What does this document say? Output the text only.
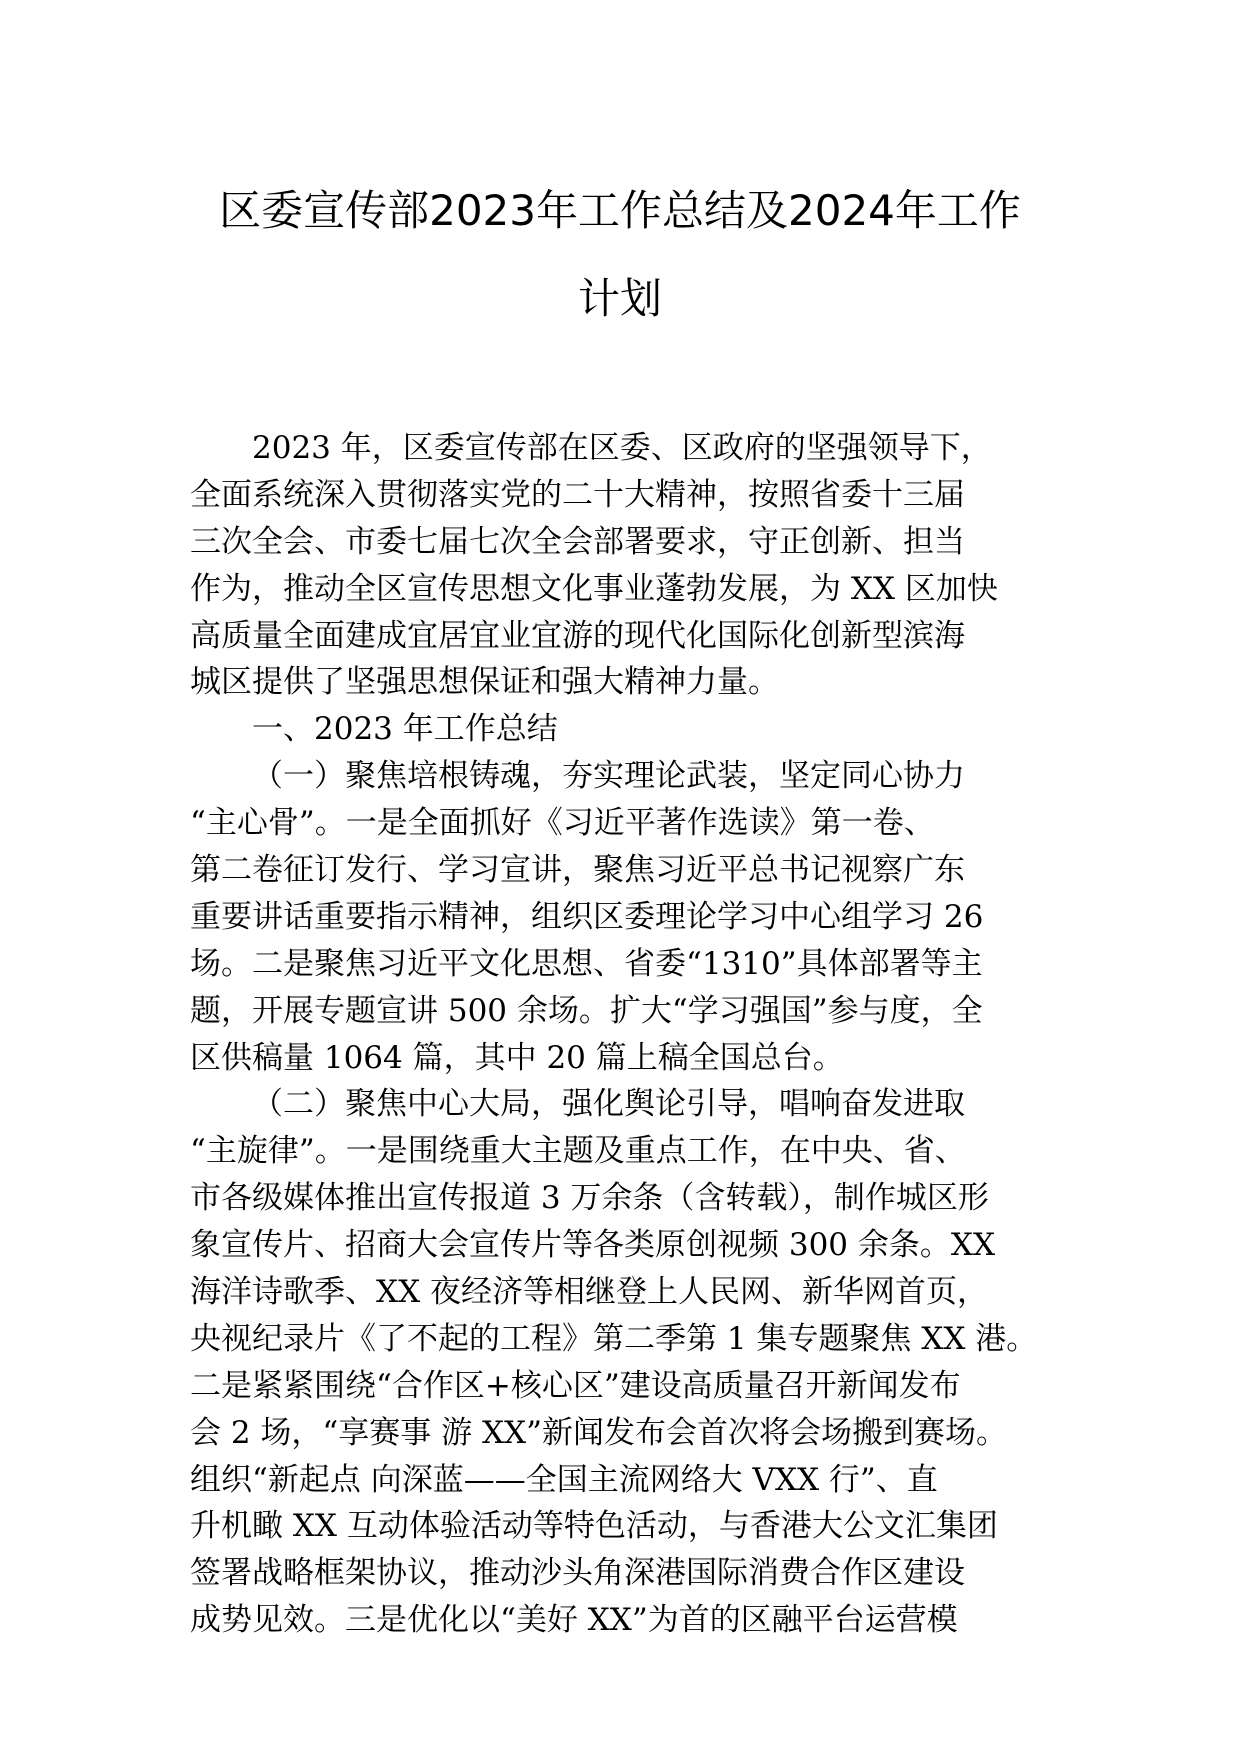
区委宣传部2023年工作总结及2024年工作
计划
2023 年，区委宣传部在区委、区政府的坚强领导下，
全面系统深入贯彻落实党的二十大精神，按照省委十三届
三次全会、市委七届七次全会部署要求，守正创新、担当
作为，推动全区宣传思想文化事业蓬勃发展，为 XX 区加快
高质量全面建成宜居宜业宜游的现代化国际化创新型滨海
城区提供了坚强思想保证和强大精神力量。
一、2023 年工作总结
（一）聚焦培根铸魂，夯实理论武装，坚定同心协力
“主心骨”。一是全面抓好《习近平著作选读》第一卷、
第二卷征订发行、学习宣讲，聚焦习近平总书记视察广东
重要讲话重要指示精神，组织区委理论学习中心组学习 26
场。二是聚焦习近平文化思想、省委“1310”具体部署等主
题，开展专题宣讲 500 余场。扩大“学习强国”参与度，全
区供稿量 1064 篇，其中 20 篇上稿全国总台。
（二）聚焦中心大局，强化舆论引导，唱响奋发进取
“主旋律”。一是围绕重大主题及重点工作，在中央、省、
市各级媒体推出宣传报道 3 万余条（含转载），制作城区形
象宣传片、招商大会宣传片等各类原创视频 300 余条。XX
海洋诗歌季、XX 夜经济等相继登上人民网、新华网首页，
央视纪录片《了不起的工程》第二季第 1 集专题聚焦 XX 港。
二是紧紧围绕“合作区+核心区”建设高质量召开新闻发布
会 2 场，“享赛事 游 XX”新闻发布会首次将会场搬到赛场。
组织“新起点 向深蓝——全国主流网络大 VXX 行”、直
升机瞰 XX 互动体验活动等特色活动，与香港大公文汇集团
签署战略框架协议，推动沙头角深港国际消费合作区建设
成势见效。三是优化以“美好 XX”为首的区融平台运营模
